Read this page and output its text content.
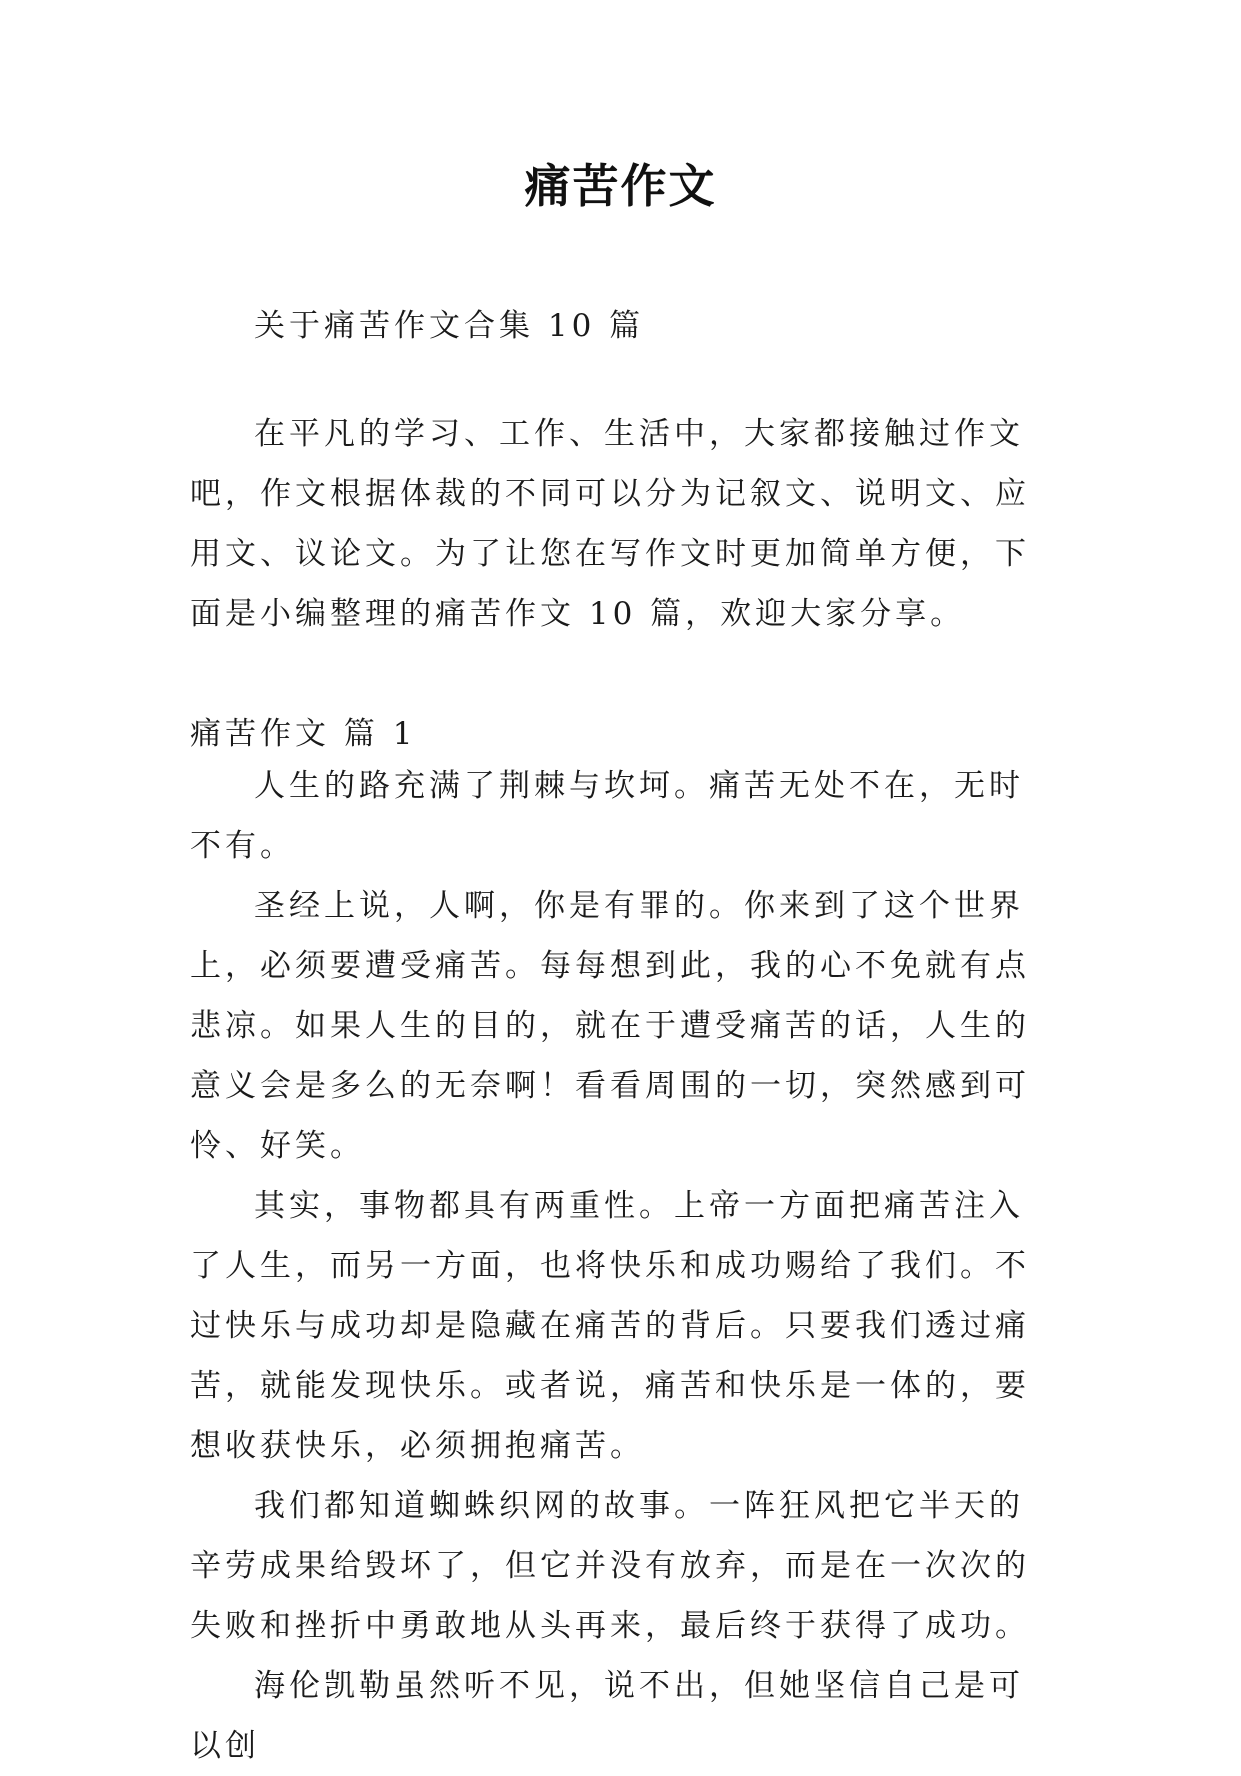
痛苦作文

关于痛苦作文合集 10 篇

在平凡的学习、工作、生活中，大家都接触过作文吧，作文根据体裁的不同可以分为记叙文、说明文、应用文、议论文。为了让您在写作文时更加简单方便，下面是小编整理的痛苦作文 10 篇，欢迎大家分享。

痛苦作文 篇 1

人生的路充满了荆棘与坎坷。痛苦无处不在，无时不有。

圣经上说，人啊，你是有罪的。你来到了这个世界上，必须要遭受痛苦。每每想到此，我的心不免就有点悲凉。如果人生的目的，就在于遭受痛苦的话，人生的意义会是多么的无奈啊！看看周围的一切，突然感到可怜、好笑。

其实，事物都具有两重性。上帝一方面把痛苦注入了人生，而另一方面，也将快乐和成功赐给了我们。不过快乐与成功却是隐藏在痛苦的背后。只要我们透过痛苦，就能发现快乐。或者说，痛苦和快乐是一体的，要想收获快乐，必须拥抱痛苦。

我们都知道蜘蛛织网的故事。一阵狂风把它半天的辛劳成果给毁坏了，但它并没有放弃，而是在一次次的失败和挫折中勇敢地从头再来，最后终于获得了成功。

海伦凯勒虽然听不见，说不出，但她坚信自己是可以创
